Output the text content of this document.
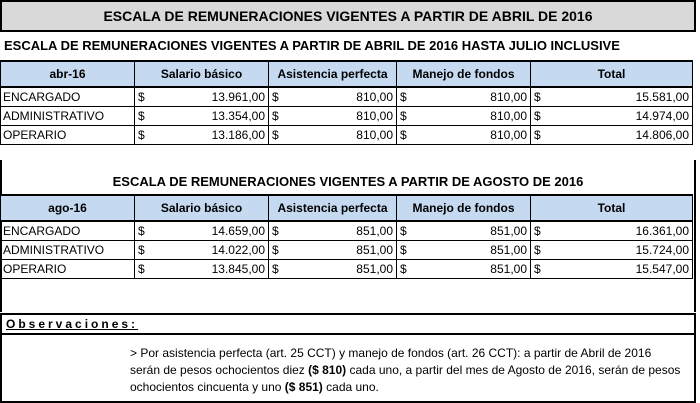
ESCALA DE REMUNERACIONES VIGENTES A PARTIR DE ABRIL DE 2016
ESCALA DE REMUNERACIONES VIGENTES A PARTIR DE ABRIL DE 2016 HASTA JULIO INCLUSIVE
abr-16	Salario básico	Asistencia perfecta	Manejo de fondos	Total
ENCARGADO	$ 13.961,00	$ 810,00	$ 810,00	$ 15.581,00

ADMINISTRATIVO	$ 13.354,00	$ 810,00	$ 810,00	$ 14.974,00

OPERARIO	$ 13.186,00	$ 810,00	$ 810,00	$ 14.806,00
ESCALA DE REMUNERACIONES VIGENTES A PARTIR DE AGOSTO DE 2016
ago-16	Salario básico	Asistencia perfecta	Manejo de fondos	Total
ENCARGADO	$ 14.659,00	$ 851,00	$ 851,00	$ 16.361,00

ADMINISTRATIVO	$ 14.022,00	$ 851,00	$ 851,00	$ 15.724,00

OPERARIO	$ 13.845,00	$ 851,00	$ 851,00	$ 15.547,00
Observaciones:
> Por asistencia perfecta (art. 25 CCT) y manejo de fondos (art. 26 CCT): a partir de Abril de 2016 serán de pesos ochocientos diez ($ 810) cada uno, a partir del mes de Agosto de 2016, serán de pesos ochocientos cincuenta y uno ($ 851) cada uno.
